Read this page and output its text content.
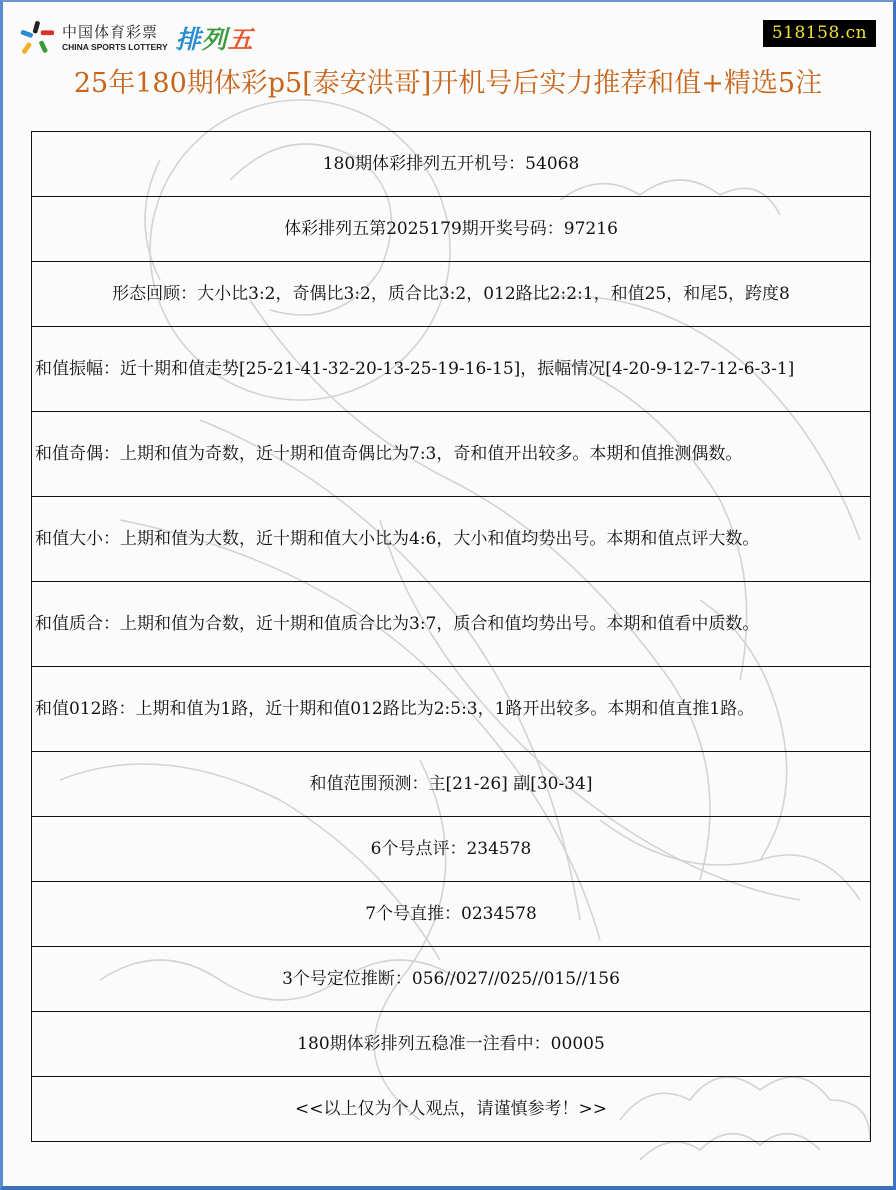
中国体育彩票
CHINA SPORTS LOTTERY 排列五	518158.cn
25年180期体彩p5[泰安洪哥]开机号后实力推荐和值+精选5注
180期体彩排列五开机号：54068
体彩排列五第2025179期开奖号码：97216
形态回顾：大小比3:2，奇偶比3:2，质合比3:2，012路比2:2:1，和值25，和尾5，跨度8
和值振幅：近十期和值走势[25-21-41-32-20-13-25-19-16-15]，振幅情况[4-20-9-12-7-12-6-3-1]
和值奇偶：上期和值为奇数，近十期和值奇偶比为7:3，奇和值开出较多。本期和值推测偶数。
和值大小：上期和值为大数，近十期和值大小比为4:6，大小和值均势出号。本期和值点评大数。
和值质合：上期和值为合数，近十期和值质合比为3:7，质合和值均势出号。本期和值看中质数。
和值012路：上期和值为1路，近十期和值012路比为2:5:3，1路开出较多。本期和值直推1路。
和值范围预测：主[21-26] 副[30-34]
6个号点评：234578
7个号直推：0234578
3个号定位推断：056//027//025//015//156
180期体彩排列五稳准一注看中：00005
<<以上仅为个人观点，请谨慎参考！>>
